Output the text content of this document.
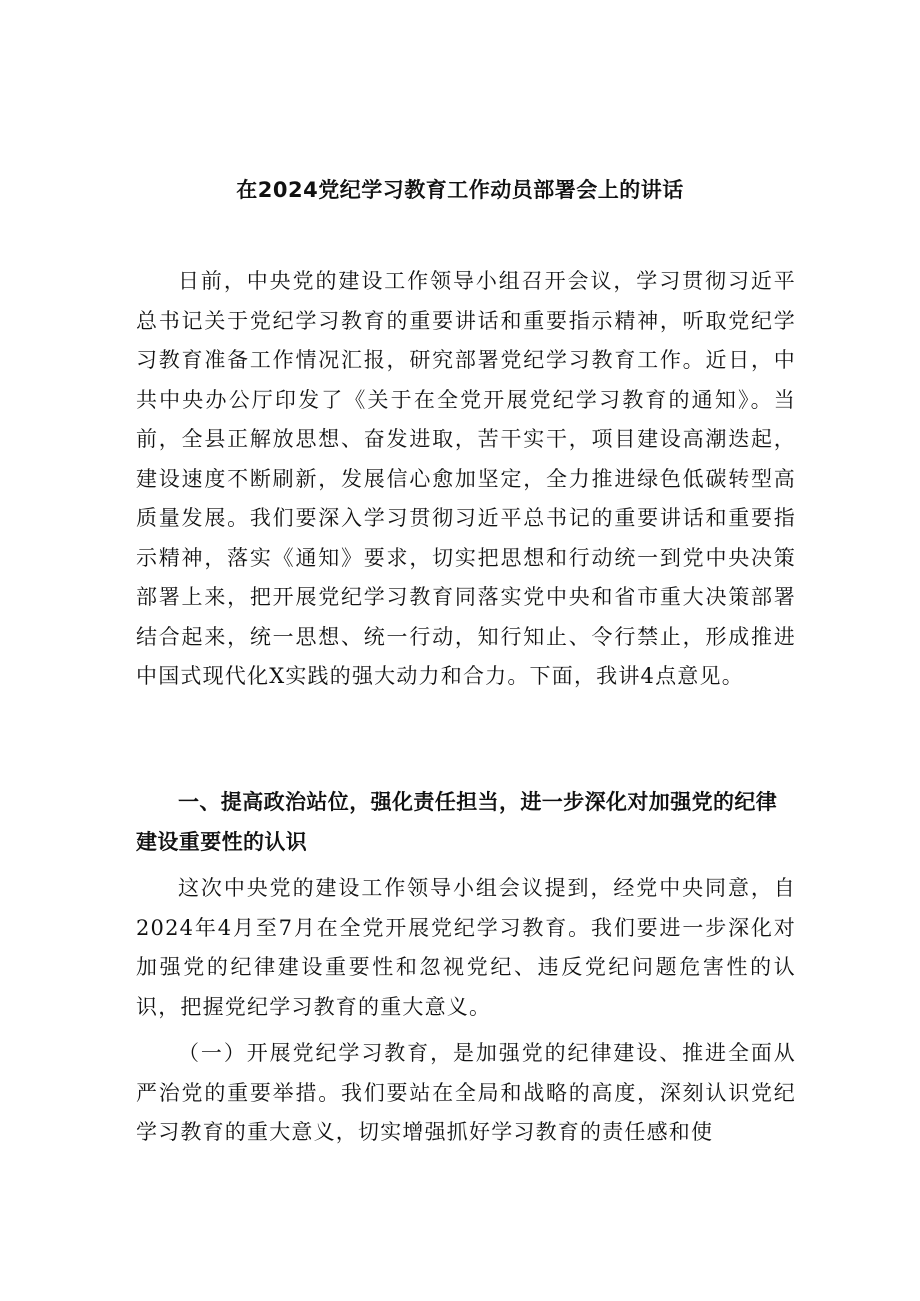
在2024党纪学习教育工作动员部署会上的讲话

日前，中央党的建设工作领导小组召开会议，学习贯彻习近平总书记关于党纪学习教育的重要讲话和重要指示精神，听取党纪学习教育准备工作情况汇报，研究部署党纪学习教育工作。近日，中共中央办公厅印发了《关于在全党开展党纪学习教育的通知》。当前，全县正解放思想、奋发进取，苦干实干，项目建设高潮迭起，建设速度不断刷新，发展信心愈加坚定，全力推进绿色低碳转型高质量发展。我们要深入学习贯彻习近平总书记的重要讲话和重要指示精神，落实《通知》要求，切实把思想和行动统一到党中央决策部署上来，把开展党纪学习教育同落实党中央和省市重大决策部署结合起来，统一思想、统一行动，知行知止、令行禁止，形成推进中国式现代化X实践的强大动力和合力。下面，我讲4点意见。

一、提高政治站位，强化责任担当，进一步深化对加强党的纪律建设重要性的认识

这次中央党的建设工作领导小组会议提到，经党中央同意，自2024年4月至7月在全党开展党纪学习教育。我们要进一步深化对加强党的纪律建设重要性和忽视党纪、违反党纪问题危害性的认识，把握党纪学习教育的重大意义。

（一）开展党纪学习教育，是加强党的纪律建设、推进全面从严治党的重要举措。我们要站在全局和战略的高度，深刻认识党纪学习教育的重大意义，切实增强抓好学习教育的责任感和使
